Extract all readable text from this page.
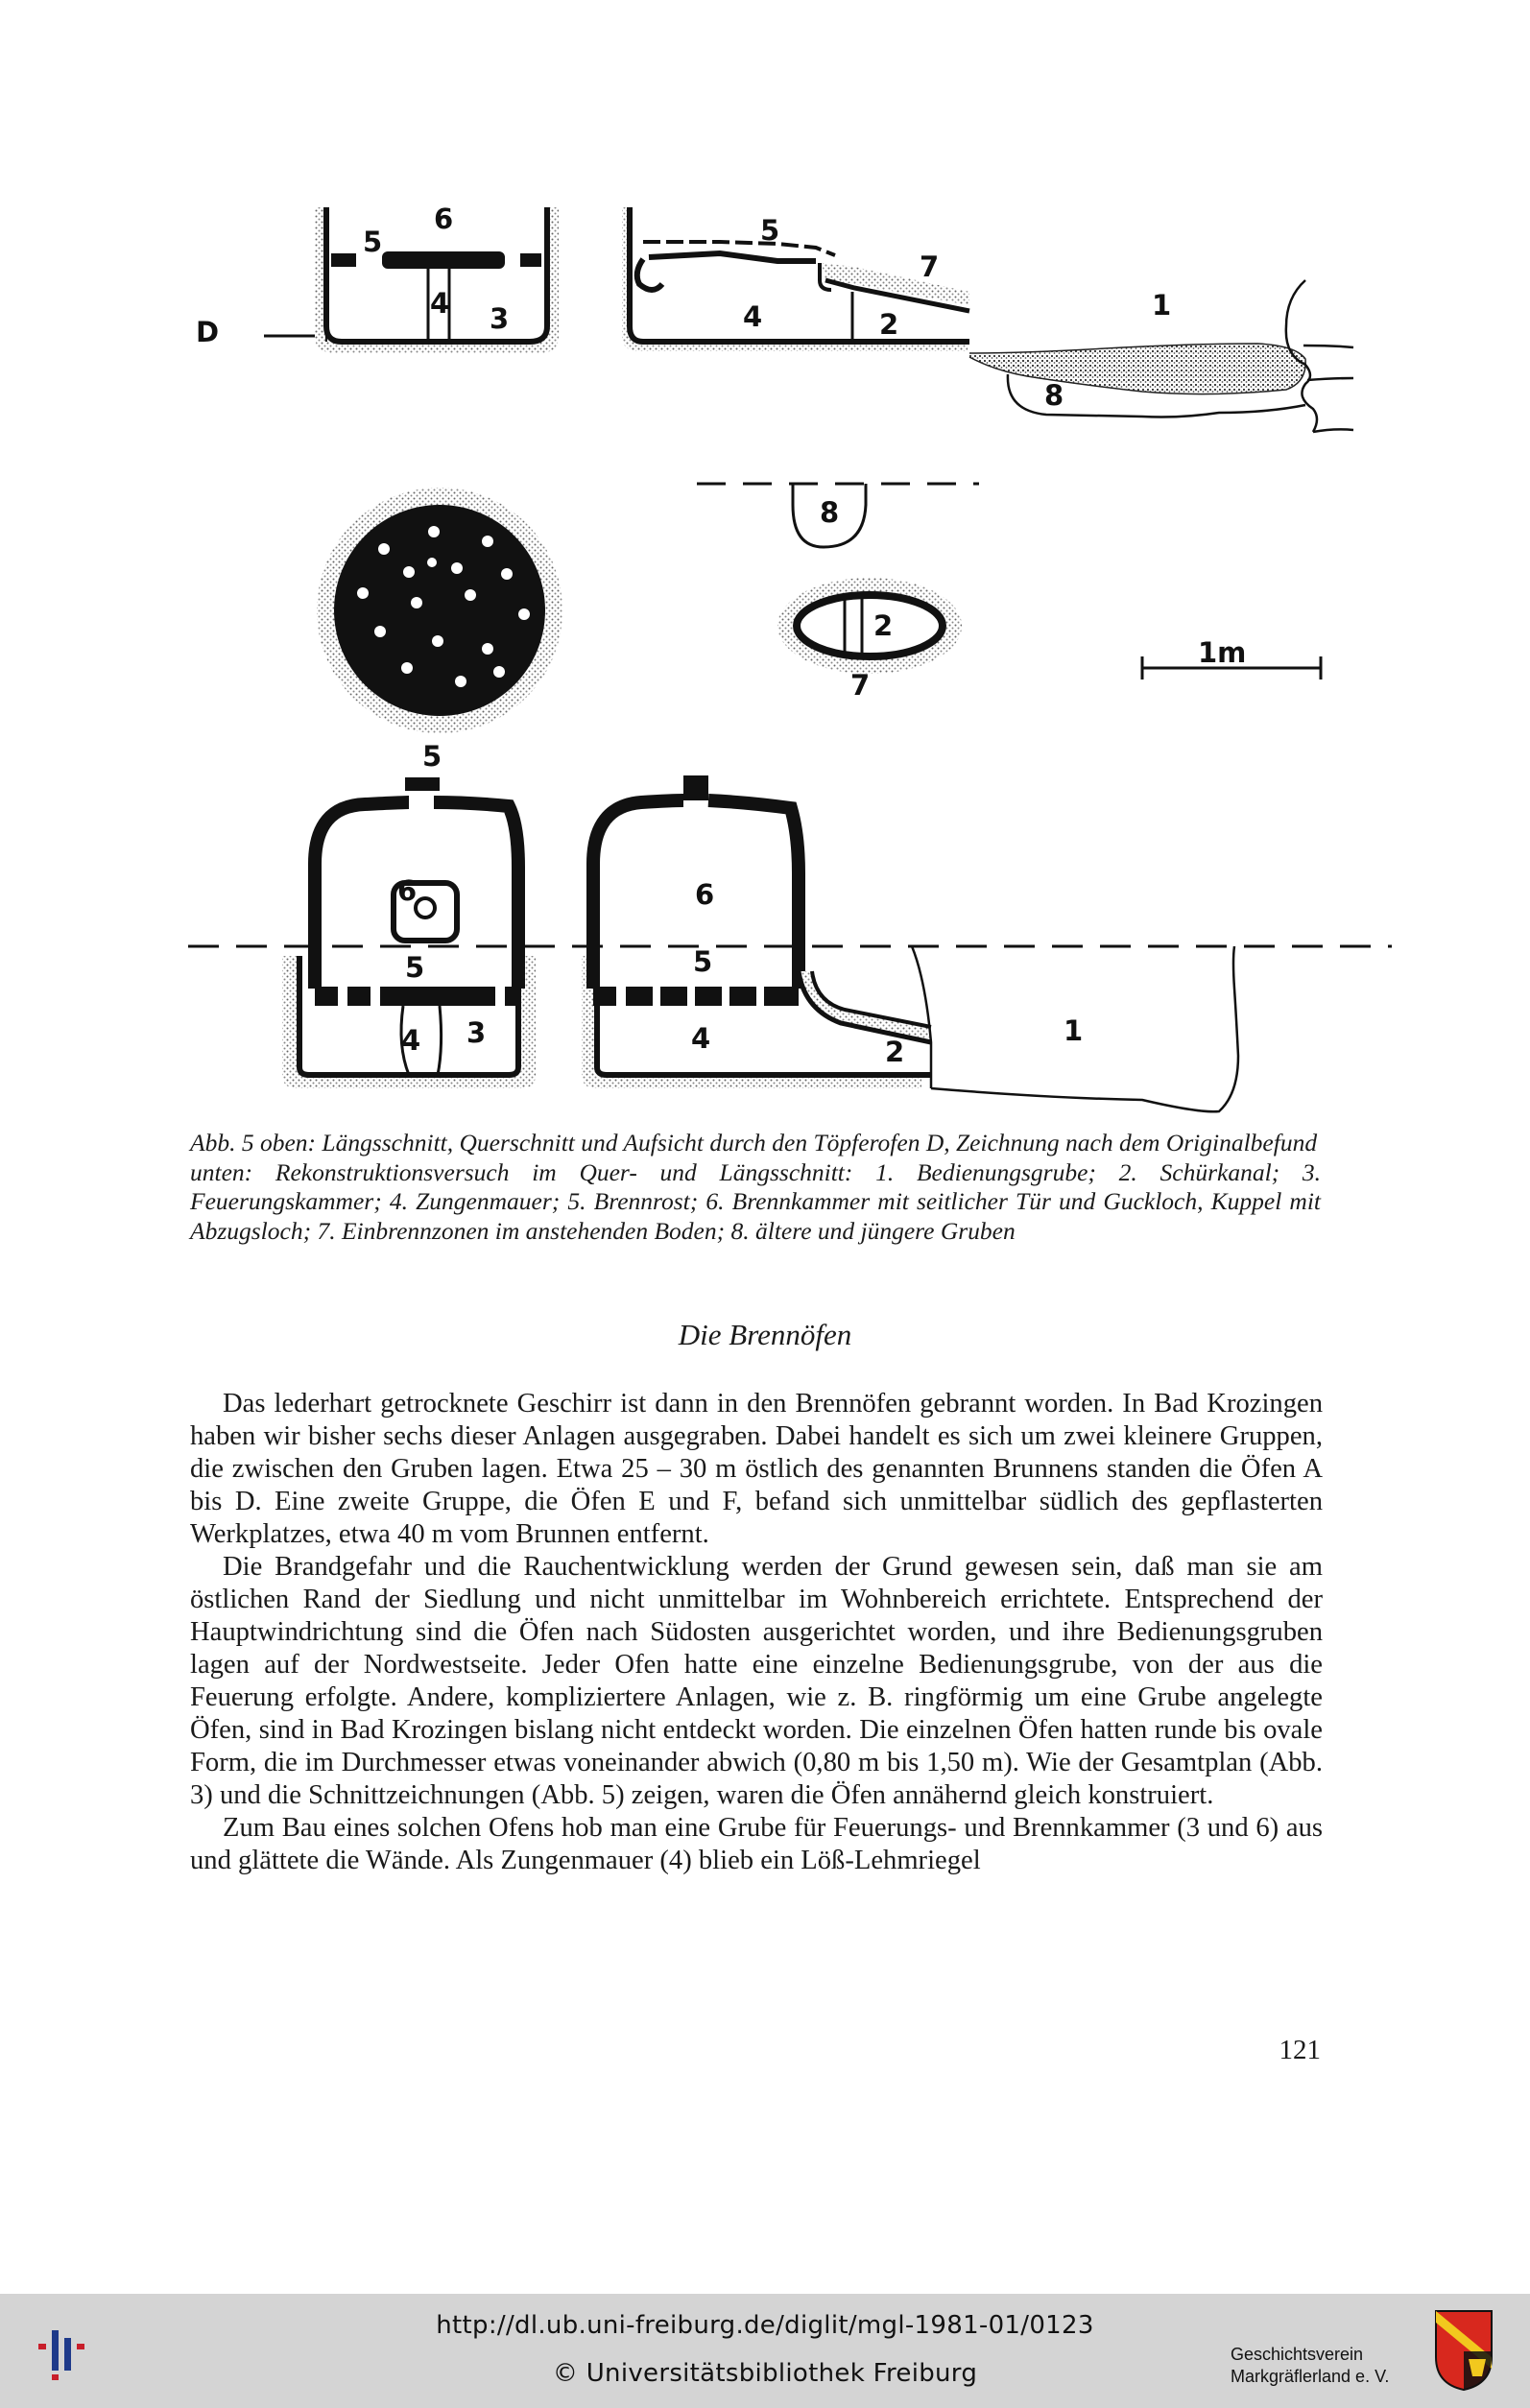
D
6
5
4 3
5
7
4	2
1
8
8
2
7
1m
5
6	6
5	5
4 3	4	2
1

Abb. 5 oben: Längsschnitt, Querschnitt und Aufsicht durch den Töpferofen D, Zeichnung nach dem Originalbefund

unten: Rekonstruktionsversuch im Quer- und Längsschnitt: 1. Bedienungsgrube; 2. Schürkanal; 3. Feuerungskammer; 4. Zungenmauer; 5. Brennrost; 6. Brennkammer mit seitlicher Tür und Guckloch, Kuppel mit Abzugsloch; 7. Einbrennzonen im anstehenden Boden; 8. ältere und jüngere Gruben

Die Brennöfen

Das lederhart getrocknete Geschirr ist dann in den Brennöfen gebrannt worden. In Bad Krozingen haben wir bisher sechs dieser Anlagen ausgegraben. Dabei handelt es sich um zwei kleinere Gruppen, die zwischen den Gruben lagen. Etwa 25 – 30 m östlich des genannten Brunnens standen die Öfen A bis D. Eine zweite Gruppe, die Öfen E und F, befand sich unmittelbar südlich des gepflasterten Werkplatzes, etwa 40 m vom Brunnen entfernt.

Die Brandgefahr und die Rauchentwicklung werden der Grund gewesen sein, daß man sie am östlichen Rand der Siedlung und nicht unmittelbar im Wohnbereich errichtete. Entsprechend der Hauptwindrichtung sind die Öfen nach Südosten ausgerichtet worden, und ihre Bedienungsgruben lagen auf der Nordwestseite. Jeder Ofen hatte eine einzelne Bedienungsgrube, von der aus die Feuerung erfolgte. Andere, kompliziertere Anlagen, wie z. B. ringförmig um eine Grube angelegte Öfen, sind in Bad Krozingen bislang nicht entdeckt worden. Die einzelnen Öfen hatten runde bis ovale Form, die im Durchmesser etwas voneinander abwich (0,80 m bis 1,50 m). Wie der Gesamtplan (Abb. 3) und die Schnittzeichnungen (Abb. 5) zeigen, waren die Öfen annähernd gleich konstruiert.

Zum Bau eines solchen Ofens hob man eine Grube für Feuerungs- und Brennkammer (3 und 6) aus und glättete die Wände. Als Zungenmauer (4) blieb ein Löß-Lehmriegel

121
http://dl.ub.uni-freiburg.de/diglit/mgl-1981-01/0123
© Universitätsbibliothek Freiburg
Geschichtsverein
Markgräflerland e. V.
